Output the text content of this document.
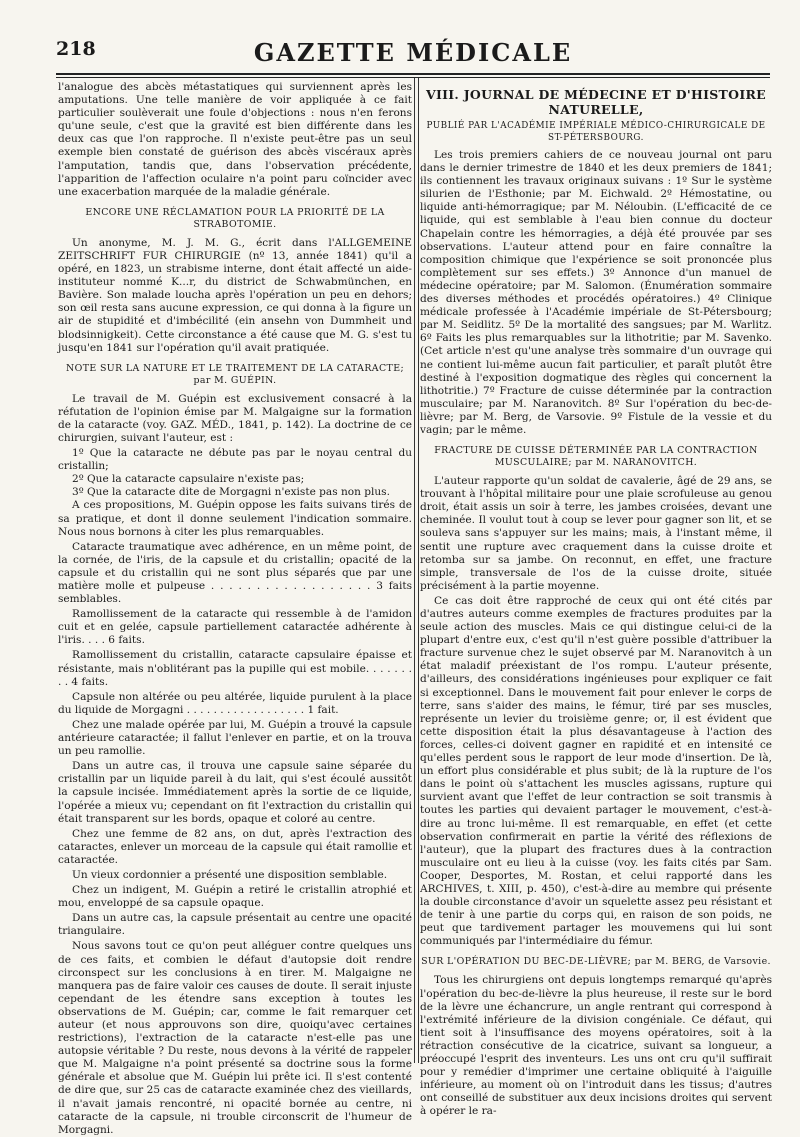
218	GAZETTE MÉDICALE

l'analogue des abcès métastatiques qui surviennent après les amputations. Une telle manière de voir appliquée à ce fait particulier soulèverait une foule d'objections : nous n'en ferons qu'une seule, c'est que la gravité est bien différente dans les deux cas que l'on rapproche. Il n'existe peut-être pas un seul exemple bien constaté de guérison des abcès viscéraux après l'amputation, tandis que, dans l'observation précédente, l'apparition de l'affection oculaire n'a point paru coïncider avec une exacerbation marquée de la maladie générale.

ENCORE UNE RÉCLAMATION POUR LA PRIORITÉ DE LA STRABOTOMIE.

Un anonyme, M. J. M. G., écrit dans l'ALLGEMEINE ZEITSCHRIFT FUR CHIRURGIE (nº 13, année 1841) qu'il a opéré, en 1823, un strabisme interne, dont était affecté un aide-instituteur nommé K...r, du district de Schwabmünchen, en Bavière. Son malade loucha après l'opération un peu en dehors; son œil resta sans aucune expression, ce qui donna à la figure un air de stupidité et d'imbécilité (ein ansehn von Dummheit und blodsinnigkeit). Cette circonstance a été cause que M. G. s'est tu jusqu'en 1841 sur l'opération qu'il avait pratiquée.

NOTE SUR LA NATURE ET LE TRAITEMENT DE LA CATARACTE; par M. GUÉPIN.

Le travail de M. Guépin est exclusivement consacré à la réfutation de l'opinion émise par M. Malgaigne sur la formation de la cataracte (voy. GAZ. MÉD., 1841, p. 142). La doctrine de ce chirurgien, suivant l'auteur, est :

1º Que la cataracte ne débute pas par le noyau central du cristallin;

2º Que la cataracte capsulaire n'existe pas;

3º Que la cataracte dite de Morgagni n'existe pas non plus.

A ces propositions, M. Guépin oppose les faits suivans tirés de sa pratique, et dont il donne seulement l'indication sommaire. Nous nous bornons à citer les plus remarquables.

Cataracte traumatique avec adhérence, en un même point, de la cornée, de l'iris, de la capsule et du cristallin; opacité de la capsule et du cristallin qui ne sont plus séparés que par une matière molle et pulpeuse . . . . . . . . . . . . . . . . . . 3 faits semblables.

Ramollissement de la cataracte qui ressemble à de l'amidon cuit et en gelée, capsule partiellement cataractée adhérente à l'iris. . . . 6 faits.

Ramollissement du cristallin, cataracte capsulaire épaisse et résistante, mais n'oblitérant pas la pupille qui est mobile. . . . . . . . . 4 faits.

Capsule non altérée ou peu altérée, liquide purulent à la place du liquide de Morgagni . . . . . . . . . . . . . . . . . . 1 fait.

Chez une malade opérée par lui, M. Guépin a trouvé la capsule antérieure cataractée; il fallut l'enlever en partie, et on la trouva un peu ramollie.

Dans un autre cas, il trouva une capsule saine séparée du cristallin par un liquide pareil à du lait, qui s'est écoulé aussitôt la capsule incisée. Immédiatement après la sortie de ce liquide, l'opérée a mieux vu; cependant on fit l'extraction du cristallin qui était transparent sur les bords, opaque et coloré au centre.

Chez une femme de 82 ans, on dut, après l'extraction des cataractes, enlever un morceau de la capsule qui était ramollie et cataractée.

Un vieux cordonnier a présenté une disposition semblable.

Chez un indigent, M. Guépin a retiré le cristallin atrophié et mou, enveloppé de sa capsule opaque.

Dans un autre cas, la capsule présentait au centre une opacité triangulaire.

Nous savons tout ce qu'on peut alléguer contre quelques uns de ces faits, et combien le défaut d'autopsie doit rendre circonspect sur les conclusions à en tirer. M. Malgaigne ne manquera pas de faire valoir ces causes de doute. Il serait injuste cependant de les étendre sans exception à toutes les observations de M. Guépin; car, comme le fait remarquer cet auteur (et nous approuvons son dire, quoiqu'avec certaines restrictions), l'extraction de la cataracte n'est-elle pas une autopsie véritable ? Du reste, nous devons à la vérité de rappeler que M. Malgaigne n'a point présenté sa doctrine sous la forme générale et absolue que M. Guépin lui prête ici. Il s'est contenté de dire que, sur 25 cas de cataracte examinée chez des vieillards, il n'avait jamais rencontré, ni opacité bornée au centre, ni cataracte de la capsule, ni trouble circonscrit de l'humeur de Morgagni.

VIII. JOURNAL DE MÉDECINE ET D'HISTOIRE NATURELLE,
PUBLIÉ PAR L'ACADÉMIE IMPÉRIALE MÉDICO-CHIRURGICALE DE ST-PÉTERSBOURG.

Les trois premiers cahiers de ce nouveau journal ont paru dans le dernier trimestre de 1840 et les deux premiers de 1841; ils contiennent les travaux originaux suivans : 1º Sur le système silurien de l'Esthonie; par M. Eichwald. 2º Hémostatine, ou liquide anti-hémorragique; par M. Néloubin. (L'efficacité de ce liquide, qui est semblable à l'eau bien connue du docteur Chapelain contre les hémorragies, a déjà été prouvée par ses observations. L'auteur attend pour en faire connaître la composition chimique que l'expérience se soit prononcée plus complètement sur ses effets.) 3º Annonce d'un manuel de médecine opératoire; par M. Salomon. (Énumération sommaire des diverses méthodes et procédés opératoires.) 4º Clinique médicale professée à l'Académie impériale de St-Pétersbourg; par M. Seidlitz. 5º De la mortalité des sangsues; par M. Warlitz. 6º Faits les plus remarquables sur la lithotritie; par M. Savenko. (Cet article n'est qu'une analyse très sommaire d'un ouvrage qui ne contient lui-même aucun fait particulier, et paraît plutôt être destiné à l'exposition dogmatique des règles qui concernent la lithotritie.) 7º Fracture de cuisse déterminée par la contraction musculaire; par M. Naranovitch. 8º Sur l'opération du bec-de-lièvre; par M. Berg, de Varsovie. 9º Fistule de la vessie et du vagin; par le même.

FRACTURE DE CUISSE DÉTERMINÉE PAR LA CONTRACTION MUSCULAIRE; par M. NARANOVITCH.

L'auteur rapporte qu'un soldat de cavalerie, âgé de 29 ans, se trouvant à l'hôpital militaire pour une plaie scrofuleuse au genou droit, était assis un soir à terre, les jambes croisées, devant une cheminée. Il voulut tout à coup se lever pour gagner son lit, et se souleva sans s'appuyer sur les mains; mais, à l'instant même, il sentit une rupture avec craquement dans la cuisse droite et retomba sur sa jambe. On reconnut, en effet, une fracture simple, transversale de l'os de la cuisse droite, située précisément à la partie moyenne.

Ce cas doit être rapproché de ceux qui ont été cités par d'autres auteurs comme exemples de fractures produites par la seule action des muscles. Mais ce qui distingue celui-ci de la plupart d'entre eux, c'est qu'il n'est guère possible d'attribuer la fracture survenue chez le sujet observé par M. Naranovitch à un état maladif préexistant de l'os rompu. L'auteur présente, d'ailleurs, des considérations ingénieuses pour expliquer ce fait si exceptionnel. Dans le mouvement fait pour enlever le corps de terre, sans s'aider des mains, le fémur, tiré par ses muscles, représente un levier du troisième genre; or, il est évident que cette disposition était la plus désavantageuse à l'action des forces, celles-ci doivent gagner en rapidité et en intensité ce qu'elles perdent sous le rapport de leur mode d'insertion. De là, un effort plus considérable et plus subit; de là la rupture de l'os dans le point où s'attachent les muscles agissans, rupture qui survient avant que l'effet de leur contraction se soit transmis à toutes les parties qui devaient partager le mouvement, c'est-à-dire au tronc lui-même. Il est remarquable, en effet (et cette observation confirmerait en partie la vérité des réflexions de l'auteur), que la plupart des fractures dues à la contraction musculaire ont eu lieu à la cuisse (voy. les faits cités par Sam. Cooper, Desportes, M. Rostan, et celui rapporté dans les ARCHIVES, t. XIII, p. 450), c'est-à-dire au membre qui présente la double circonstance d'avoir un squelette assez peu résistant et de tenir à une partie du corps qui, en raison de son poids, ne peut que tardivement partager les mouvemens qui lui sont communiqués par l'intermédiaire du fémur.

SUR L'OPÉRATION DU BEC-DE-LIÈVRE; par M. BERG, de Varsovie.

Tous les chirurgiens ont depuis longtemps remarqué qu'après l'opération du bec-de-lièvre la plus heureuse, il reste sur le bord de la lèvre une échancrure, un angle rentrant qui correspond à l'extrémité inférieure de la division congéniale. Ce défaut, qui tient soit à l'insuffisance des moyens opératoires, soit à la rétraction consécutive de la cicatrice, suivant sa longueur, a préoccupé l'esprit des inventeurs. Les uns ont cru qu'il suffirait pour y remédier d'imprimer une certaine obliquité à l'aiguille inférieure, au moment où on l'introduit dans les tissus; d'autres ont conseillé de substituer aux deux incisions droites qui servent à opérer le ra-
